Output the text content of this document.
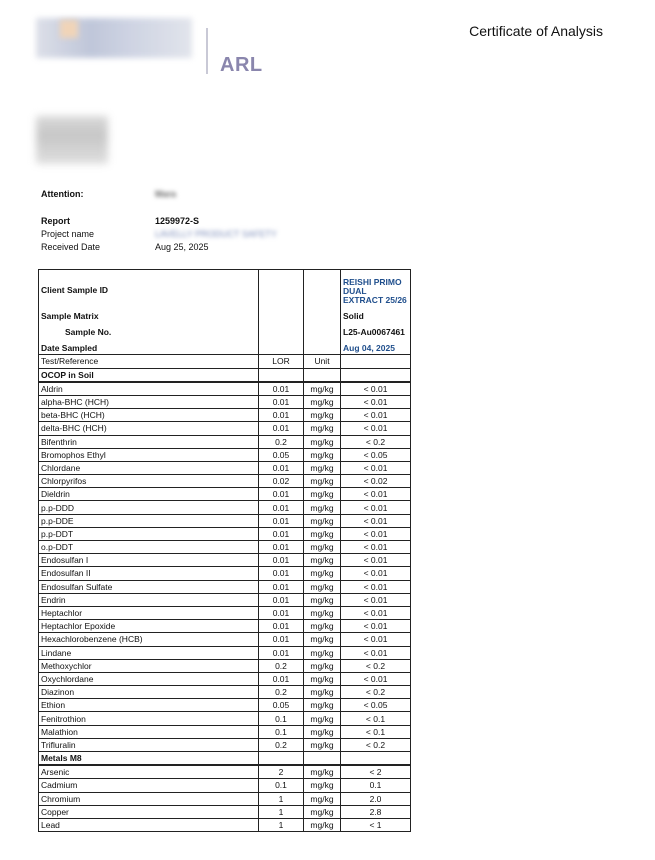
ARL
Certificate of Analysis
Attention:	Mara
Report	1259972-S
Project name	LAVELLY PRODUCT SAFETY
Received Date	Aug 25, 2025
Client Sample ID			REISHI PRIMO DUAL EXTRACT 25/26
Sample Matrix			Solid
Sample No.			L25-Au0067461
Date Sampled			Aug 04, 2025
Test/Reference	LOR	Unit	
OCOP in Soil			
Aldrin	0.01	mg/kg	< 0.01
alpha-BHC (HCH)	0.01	mg/kg	< 0.01
beta-BHC (HCH)	0.01	mg/kg	< 0.01
delta-BHC (HCH)	0.01	mg/kg	< 0.01
Bifenthrin	0.2	mg/kg	< 0.2
Bromophos Ethyl	0.05	mg/kg	< 0.05
Chlordane	0.01	mg/kg	< 0.01
Chlorpyrifos	0.02	mg/kg	< 0.02
Dieldrin	0.01	mg/kg	< 0.01
p.p-DDD	0.01	mg/kg	< 0.01
p.p-DDE	0.01	mg/kg	< 0.01
p.p-DDT	0.01	mg/kg	< 0.01
o.p-DDT	0.01	mg/kg	< 0.01
Endosulfan I	0.01	mg/kg	< 0.01
Endosulfan II	0.01	mg/kg	< 0.01
Endosulfan Sulfate	0.01	mg/kg	< 0.01
Endrin	0.01	mg/kg	< 0.01
Heptachlor	0.01	mg/kg	< 0.01
Heptachlor Epoxide	0.01	mg/kg	< 0.01
Hexachlorobenzene (HCB)	0.01	mg/kg	< 0.01
Lindane	0.01	mg/kg	< 0.01
Methoxychlor	0.2	mg/kg	< 0.2
Oxychlordane	0.01	mg/kg	< 0.01
Diazinon	0.2	mg/kg	< 0.2
Ethion	0.05	mg/kg	< 0.05
Fenitrothion	0.1	mg/kg	< 0.1
Malathion	0.1	mg/kg	< 0.1
Trifluralin	0.2	mg/kg	< 0.2
Metals M8			
Arsenic	2	mg/kg	< 2
Cadmium	0.1	mg/kg	0.1
Chromium	1	mg/kg	2.0
Copper	1	mg/kg	2.8
Lead	1	mg/kg	< 1
